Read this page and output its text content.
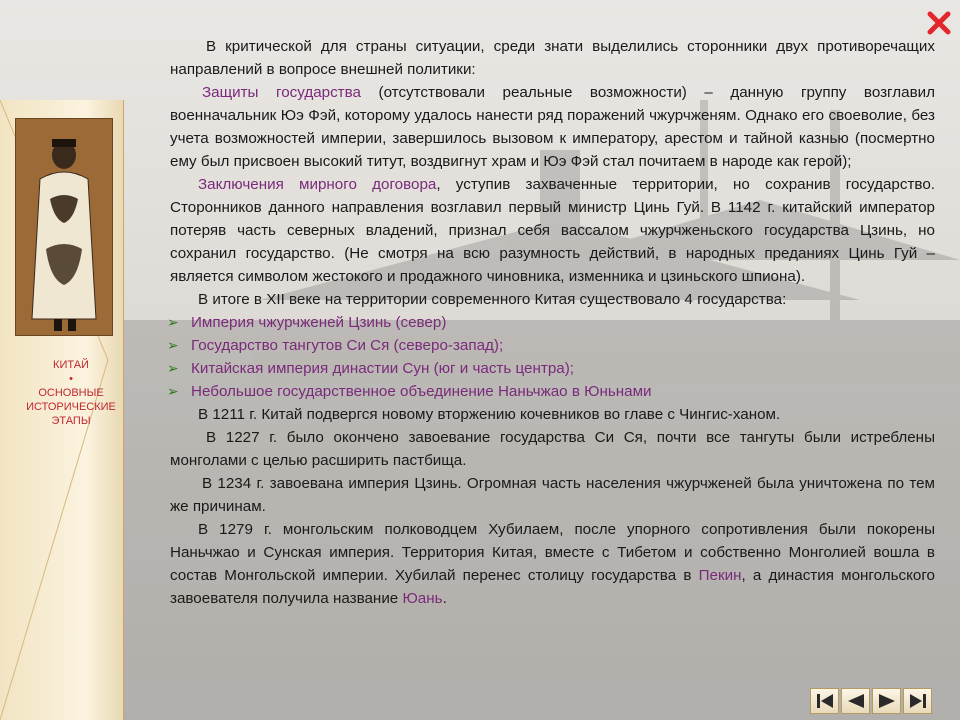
КИТАЙ
•
ОСНОВНЫЕ
ИСТОРИЧЕСКИЕ
ЭТАПЫ

В критической для страны ситуации, среди знати выделились сторонники двух противоречащих направлений в вопросе внешней политики:

Защиты государства (отсутствовали реальные возможности) – данную группу возглавил военначальник Юэ Фэй, которому удалось нанести ряд поражений чжурчженям. Однако его своеволие, без учета возможностей империи, завершилось вызовом к императору, арестом и тайной казнью (посмертно ему был присвоен высокий титут, воздвигнут храм и Юэ Фэй стал почитаем в народе как герой);

Заключения мирного договора, уступив захваченные территории, но сохранив государство. Сторонников данного направления возглавил первый министр Цинь Гуй. В 1142 г. китайский император потеряв часть северных владений, признал себя вассалом чжурчженьского государства Цзинь, но сохранил государство. (Не смотря на всю разумность действий, в народных преданиях Цинь Гуй – является символом жестокого и продажного чиновника, изменника и цзиньского шпиона).

В итоге в XII веке на территории современного Китая существовало 4 государства:

➢ Империя чжурчженей Цзинь (север)
➢ Государство тангутов Си Ся (северо-запад);
➢ Китайская империя династии Сун (юг и часть центра);
➢ Небольшое государственное объединение Наньчжао в Юньнами

В 1211 г. Китай подвергся новому вторжению кочевников во главе с Чингис-ханом.

В 1227 г. было окончено завоевание государства Си Ся, почти все тангуты были истреблены монголами с целью расширить пастбища.

В 1234 г. завоевана империя Цзинь. Огромная часть населения чжурчженей была уничтожена по тем же причинам.

В 1279 г. монгольским полководцем Хубилаем, после упорного сопротивления были покорены Наньчжао и Сунская империя. Территория Китая, вместе с Тибетом и собственно Монголией вошла в состав Монгольской империи. Хубилай перенес столицу государства в Пекин, а династия монгольского завоевателя получила название Юань.
